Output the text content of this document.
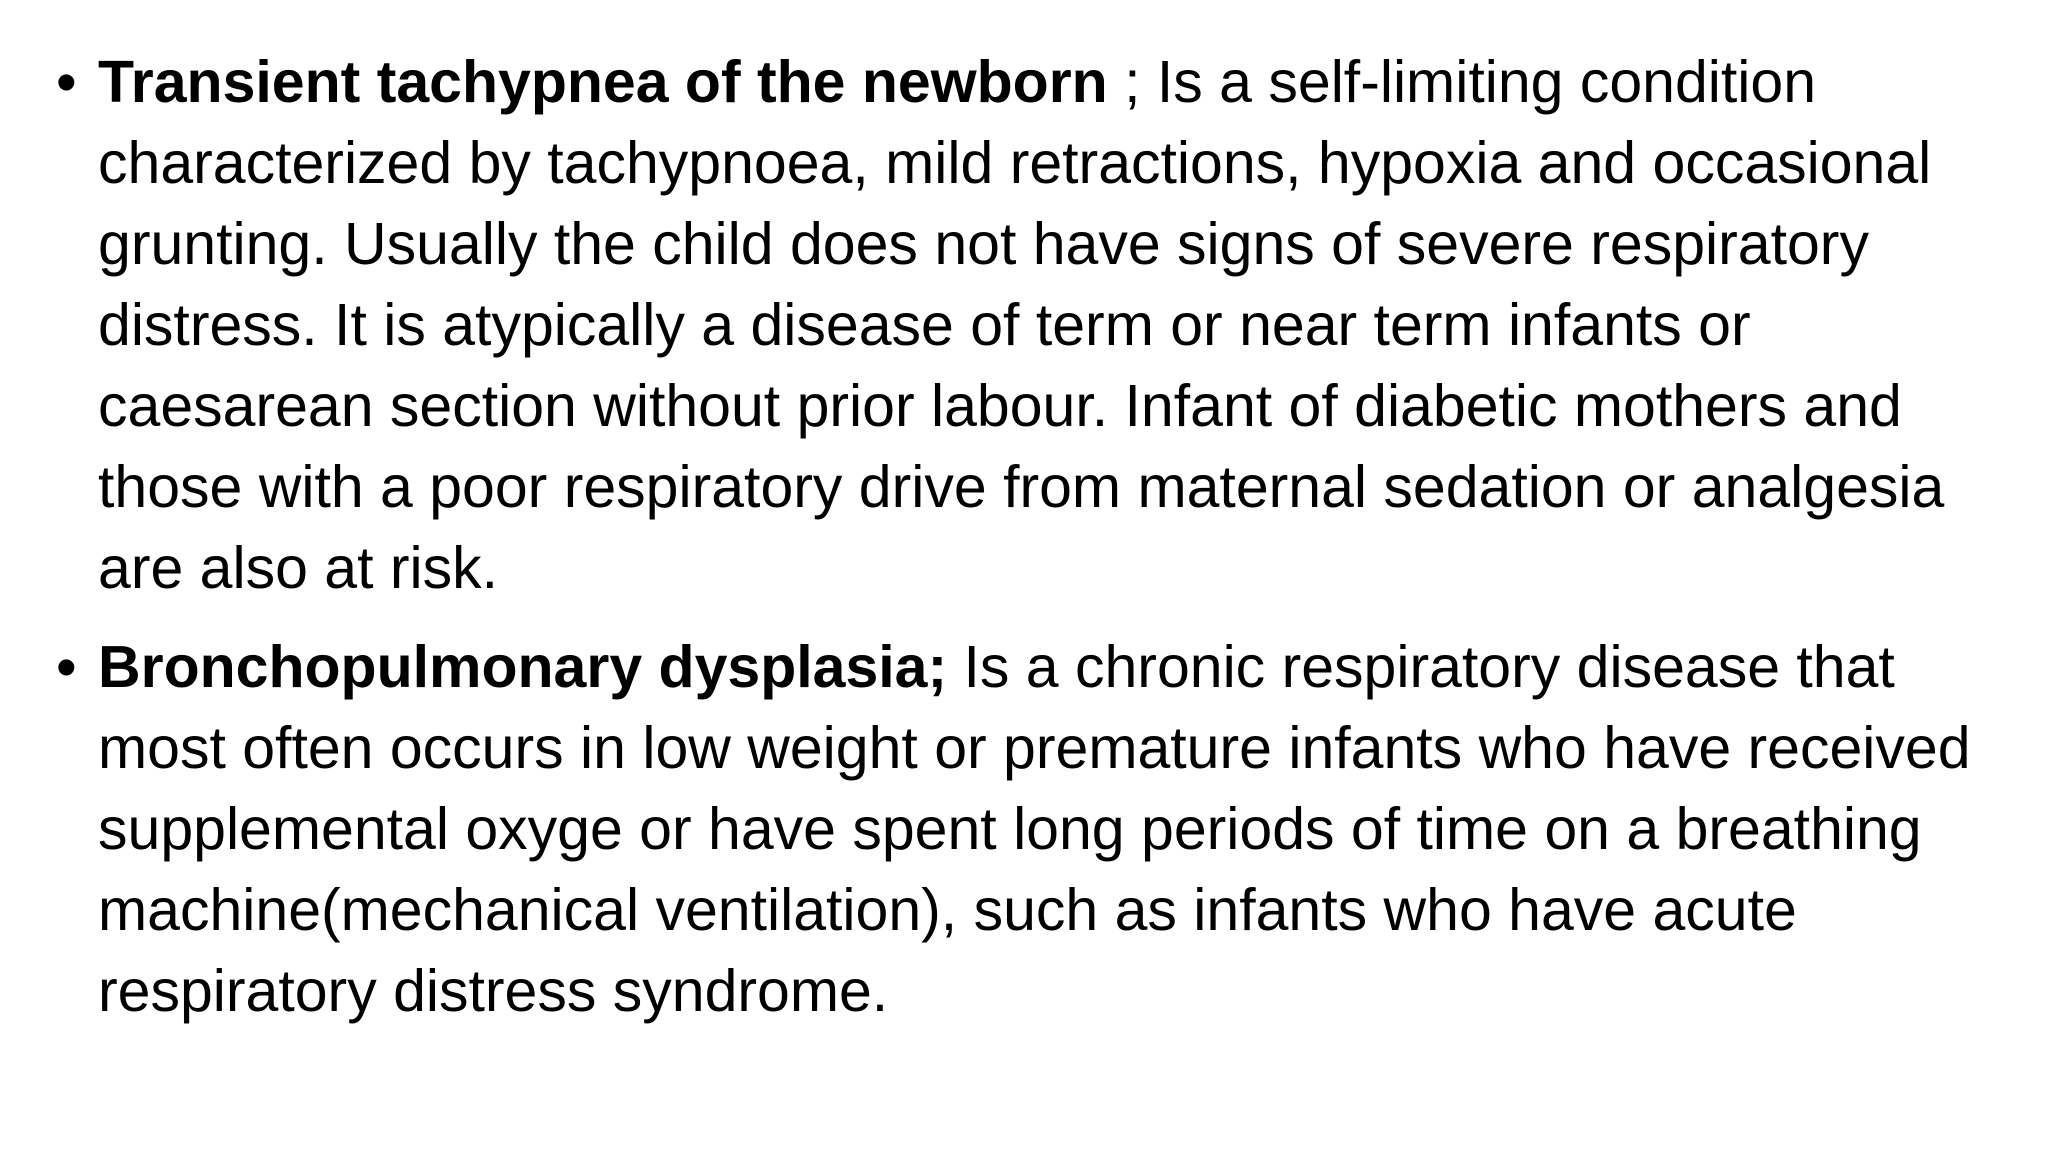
• Transient tachypnea of the newborn ; Is a self-limiting condition characterized by tachypnoea, mild retractions, hypoxia and occasional grunting. Usually the child does not have signs of severe respiratory distress. It is atypically a disease of term or near term infants or caesarean section without prior labour. Infant of diabetic mothers and those with a poor respiratory drive from maternal sedation or analgesia are also at risk.
• Bronchopulmonary dysplasia; Is a chronic respiratory disease that most often occurs in low weight or premature infants who have received supplemental oxyge or have spent long periods of time on a breathing machine(mechanical ventilation), such as infants who have acute respiratory distress syndrome.
